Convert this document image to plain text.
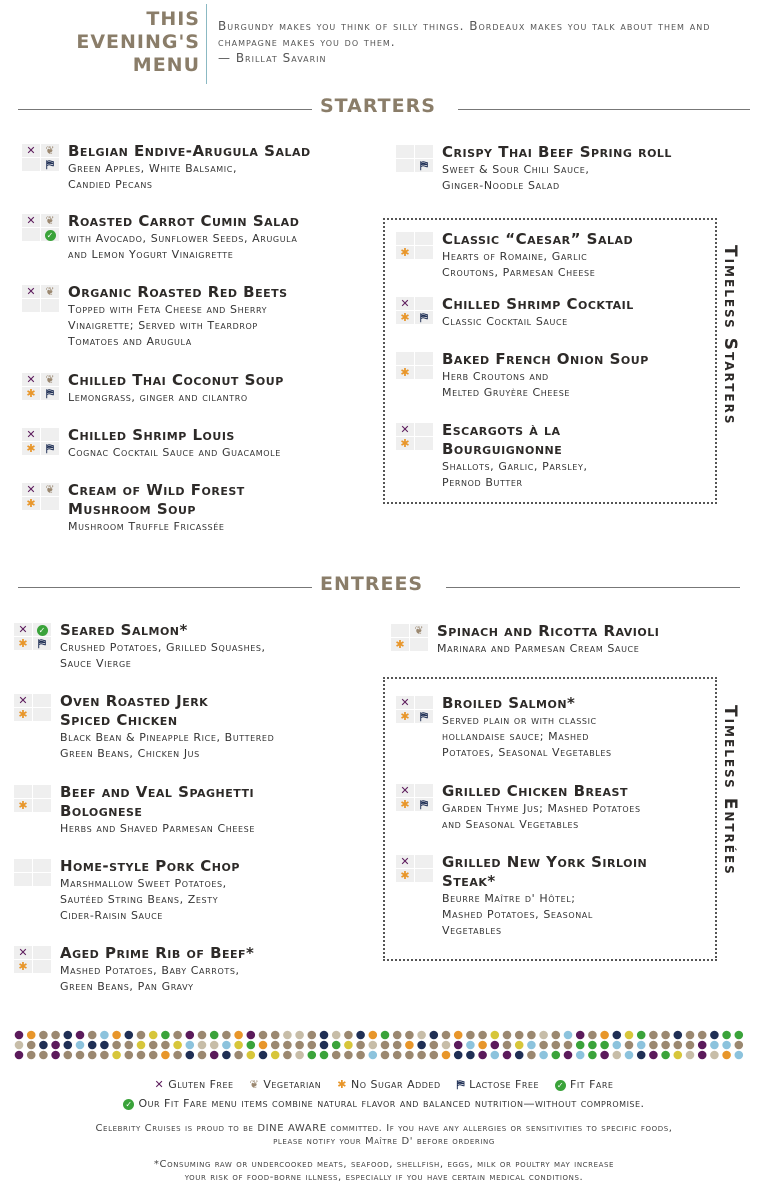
THIS
EVENING'S
MENU
Burgundy makes you think of silly things. Bordeaux makes you talk about them and champagne makes you do them.
— Brillat Savarin
STARTERS
✕ ❦
⛿
Belgian Endive-Arugula Salad
Green Apples, White Balsamic,
Candied Pecans
✕ ❦
✓
Roasted Carrot Cumin Salad
with Avocado, Sunflower Seeds, Arugula
and Lemon Yogurt Vinaigrette
✕ ❦ Organic Roasted Red Beets
Topped with Feta Cheese and Sherry
Vinaigrette; Served with Teardrop
Tomatoes and Arugula
✕ ❦
✱ ⛿
Chilled Thai Coconut Soup
Lemongrass, ginger and cilantro
✕
✱ ⛿
Chilled Shrimp Louis
Cognac Cocktail Sauce and Guacamole
✕ ❦
✱
Cream of Wild Forest
Mushroom Soup
Mushroom Truffle Fricassée
⛿
Crispy Thai Beef Spring roll
Sweet & Sour Chili Sauce,
Ginger-Noodle Salad
Timeless Starters
✱
Classic “Caesar” Salad
Hearts of Romaine, Garlic
Croutons, Parmesan Cheese
✕
✱ ⛿
Chilled Shrimp Cocktail
Classic Cocktail Sauce
✱
Baked French Onion Soup
Herb Croutons and
Melted Gruyère Cheese
✕
✱
Escargots à la
Bourguignonne
Shallots, Garlic, Parsley,
Pernod Butter
ENTREES
✕	✓
✱ ⛿
Seared Salmon*
Crushed Potatoes, Grilled Squashes,
Sauce Vierge
✕
✱
Oven Roasted Jerk
Spiced Chicken
Black Bean & Pineapple Rice, Buttered
Green Beans, Chicken Jus
✱
Beef and Veal Spaghetti
Bolognese
Herbs and Shaved Parmesan Cheese
Home-style Pork Chop
Marshmallow Sweet Potatoes,
Sautéed String Beans, Zesty
Cider-Raisin Sauce
✕
✱
Aged Prime Rib of Beef*
Mashed Potatoes, Baby Carrots,
Green Beans, Pan Gravy
❦
✱
Spinach and Ricotta Ravioli
Marinara and Parmesan Cream Sauce
Timeless Entrées
✕
✱ ⛿
Broiled Salmon*
Served plain or with classic
hollandaise sauce; Mashed
Potatoes, Seasonal Vegetables
✕
✱ ⛿
Grilled Chicken Breast
Garden Thyme Jus; Mashed Potatoes
and Seasonal Vegetables
✕
✱
Grilled New York Sirloin
Steak*
Beurre Maître d' Hôtel;
Mashed Potatoes, Seasonal
Vegetables
✕ Gluten Free ❦ Vegetarian ✱ No Sugar Added ⛿ Lactose Free ✓ Fit Fare
✓ Our Fit Fare menu items combine natural flavor and balanced nutrition—without compromise.
Celebrity Cruises is proud to be DINE AWARE committed. If you have any allergies or sensitivities to specific foods,
please notify your Maître D' before ordering
*Consuming raw or undercooked meats, seafood, shellfish, eggs, milk or poultry may increase
your risk of food-borne illness, especially if you have certain medical conditions.
